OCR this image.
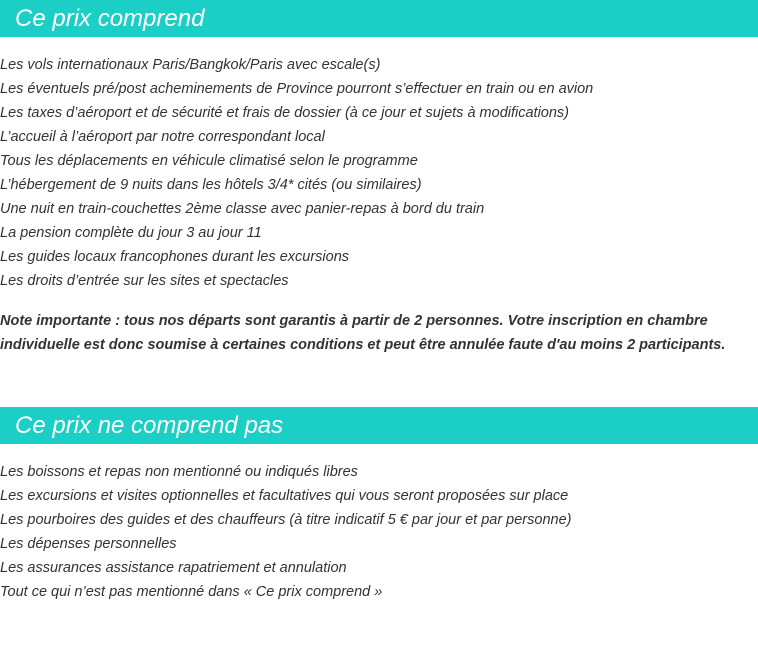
Ce prix comprend
Les vols internationaux Paris/Bangkok/Paris avec escale(s)
Les éventuels pré/post acheminements de Province pourront s’effectuer en train ou en avion
Les taxes d’aéroport et de sécurité et frais de dossier (à ce jour et sujets à modifications)
L’accueil à l’aéroport par notre correspondant local
Tous les déplacements en véhicule climatisé selon le programme
L’hébergement de 9 nuits dans les hôtels 3/4* cités (ou similaires)
Une nuit en train-couchettes 2ème classe avec panier-repas à bord du train
La pension complète du jour 3 au jour 11
Les guides locaux francophones durant les excursions
Les droits d’entrée sur les sites et spectacles

Note importante : tous nos départs sont garantis à partir de 2 personnes. Votre inscription en chambre individuelle est donc soumise à certaines conditions et peut être annulée faute d'au moins 2 participants.

Ce prix ne comprend pas
Les boissons et repas non mentionné ou indiqués libres
Les excursions et visites optionnelles et facultatives qui vous seront proposées sur place
Les pourboires des guides et des chauffeurs (à titre indicatif 5 € par jour et par personne)
Les dépenses personnelles
Les assurances assistance rapatriement et annulation
Tout ce qui n’est pas mentionné dans « Ce prix comprend »
